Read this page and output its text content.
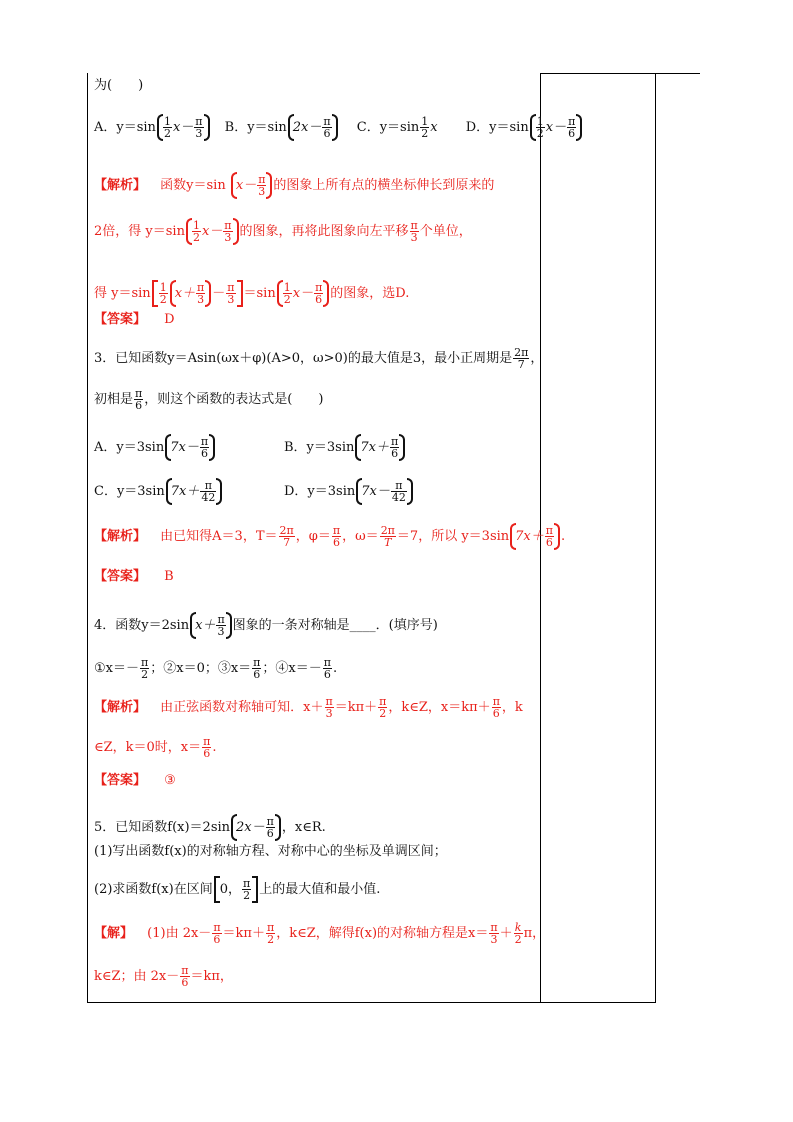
为(　　)
A．$y=\sin \frac{1}{2} x- \frac{\pi}{3}$ B．y＝sin $2x- \frac{\pi}{6}$ C．$y=\sin \frac{1}{2}$ x D．$y=\sin \frac{1}{2} x- \frac{\pi}{6}$
【解析】 函数y＝sin $x- \frac{\pi}{3}$ 的图象上所有点的横坐标伸长到原来的
2倍，得 $y=\sin \frac{1}{2} x- \frac{\pi}{3}$ 的图象，再将此图象向左平移 $\frac{\pi}{3}$ 个单位，
得 $y=\sin \frac{1}{2} x+ \frac{\pi}{3} - \frac{\pi}{3} =\sin \frac{1}{2} x- \frac{\pi}{6}$ 的图象，选D.
【答案】 D
3．已知函数y＝Asin(ωx＋φ)(A>0，ω>0)的最大值是3，最小正周期是 $\frac{2\pi}{7}$ ，
初相是 $\frac{\pi}{6}$ ，则这个函数的表达式是(　　)
A．y＝3sin $7x- \frac{\pi}{6}$	B．y＝3sin $7x+ \frac{\pi}{6}$
C．y＝3sin $7x+ \frac{\pi}{42}$	D．y＝3sin $7x- \frac{\pi}{42}$
【解析】 由已知得A＝3，$T= \frac{2\pi}{7}$ ，$\varphi= \frac{\pi}{6}$ ，$\omega= \frac{2\pi}{T} =7$，所以 y＝3sin $7x+ \frac{\pi}{6}$ .
【答案】 B
4．函数y＝2sin $x+ \frac{\pi}{3}$ 图象的一条对称轴是____．(填序号)
①x＝－ $\frac{\pi}{2}$ ；②x＝0；③x＝ $\frac{\pi}{6}$ ；④x＝－ $\frac{\pi}{6}$ .
【解析】 由正弦函数对称轴可知．$x+ \frac{\pi}{3} =k\pi+ \frac{\pi}{2}$ ，k∈Z，$x=k\pi+ \frac{\pi}{6}$ ，k
∈Z，k＝0时，$x= \frac{\pi}{6}$ .
【答案】 ③
5．已知函数f(x)＝2sin $2x- \frac{\pi}{6}$ ，x∈R.
(1)写出函数f(x)的对称轴方程、对称中心的坐标及单调区间；
(2)求函数f(x)在区间 0， $\frac{\pi}{2}$ 上的最大值和最小值.
【解】 (1)由 $2x- \frac{\pi}{6} =k\pi+ \frac{\pi}{2}$ ，k∈Z，解得f(x)的对称轴方程是$x= \frac{\pi}{3} + \frac{k}{2}$ π，
k∈Z；由 $2x- \frac{\pi}{6} =k\pi$，
